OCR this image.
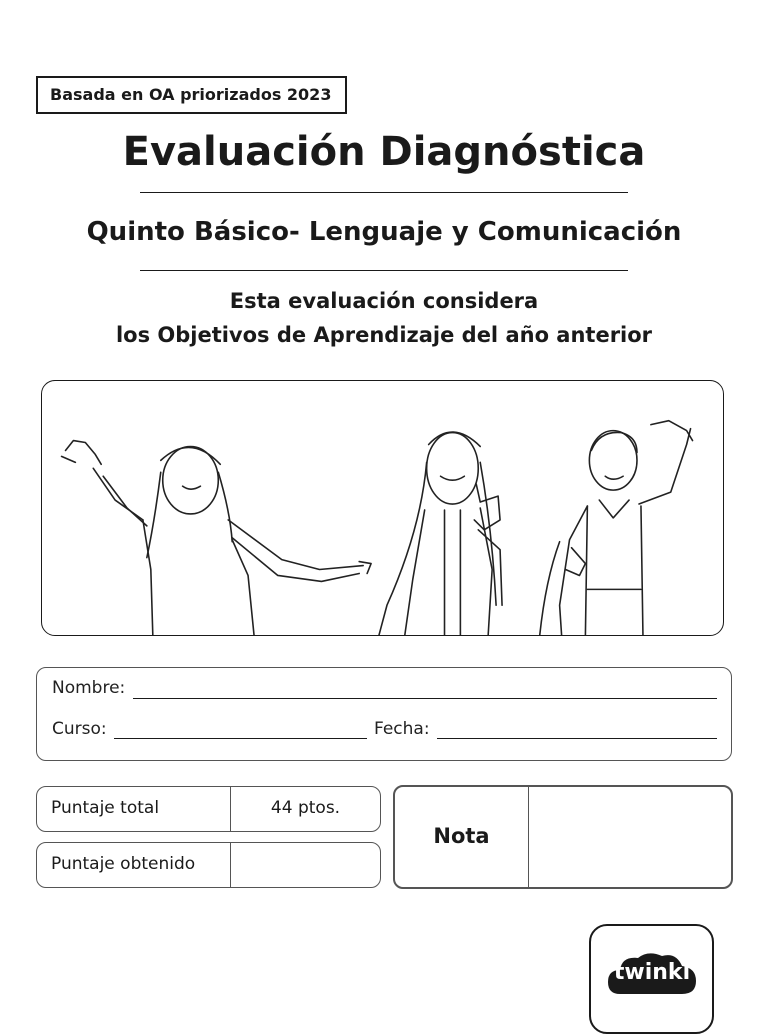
Basada en OA priorizados 2023
Evaluación Diagnóstica
Quinto Básico- Lenguaje y Comunicación
Esta evaluación considera
los Objetivos de Aprendizaje del año anterior
Nombre:
Curso:	Fecha:
Puntaje total	44 ptos.
Puntaje obtenido
Nota
twinkl
